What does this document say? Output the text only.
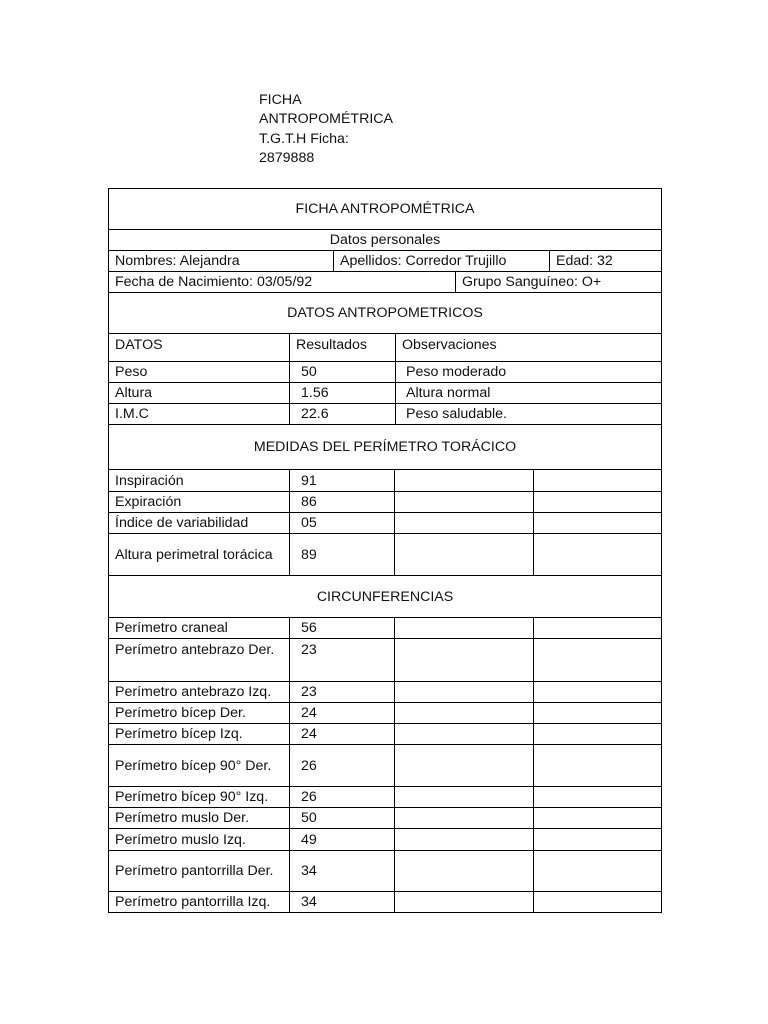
FICHA
ANTROPOMÉTRICA
T.G.T.H Ficha:
2879888
FICHA ANTROPOMÉTRICA
Datos personales
Nombres: Alejandra	Apellidos: Corredor Trujillo	Edad: 32
Fecha de Nacimiento: 03/05/92	Grupo Sanguíneo: O+
DATOS ANTROPOMETRICOS
DATOS	Resultados	Observaciones
Peso	50	Peso moderado
Altura	1.56	Altura normal
I.M.C	22.6	Peso saludable.
MEDIDAS DEL PERÍMETRO TORÁCICO
Inspiración	91
Expiración	86
Índice de variabilidad	05
Altura perimetral torácica	89
CIRCUNFERENCIAS
Perímetro craneal	56
Perímetro antebrazo Der.	23
Perímetro antebrazo Izq.	23
Perímetro bícep Der.	24
Perímetro bícep Izq.	24
Perímetro bícep 90° Der.	26
Perímetro bícep 90° Izq.	26
Perímetro muslo Der.	50
Perímetro muslo Izq.	49
Perímetro pantorrilla Der.	34
Perímetro pantorrilla Izq.	34
